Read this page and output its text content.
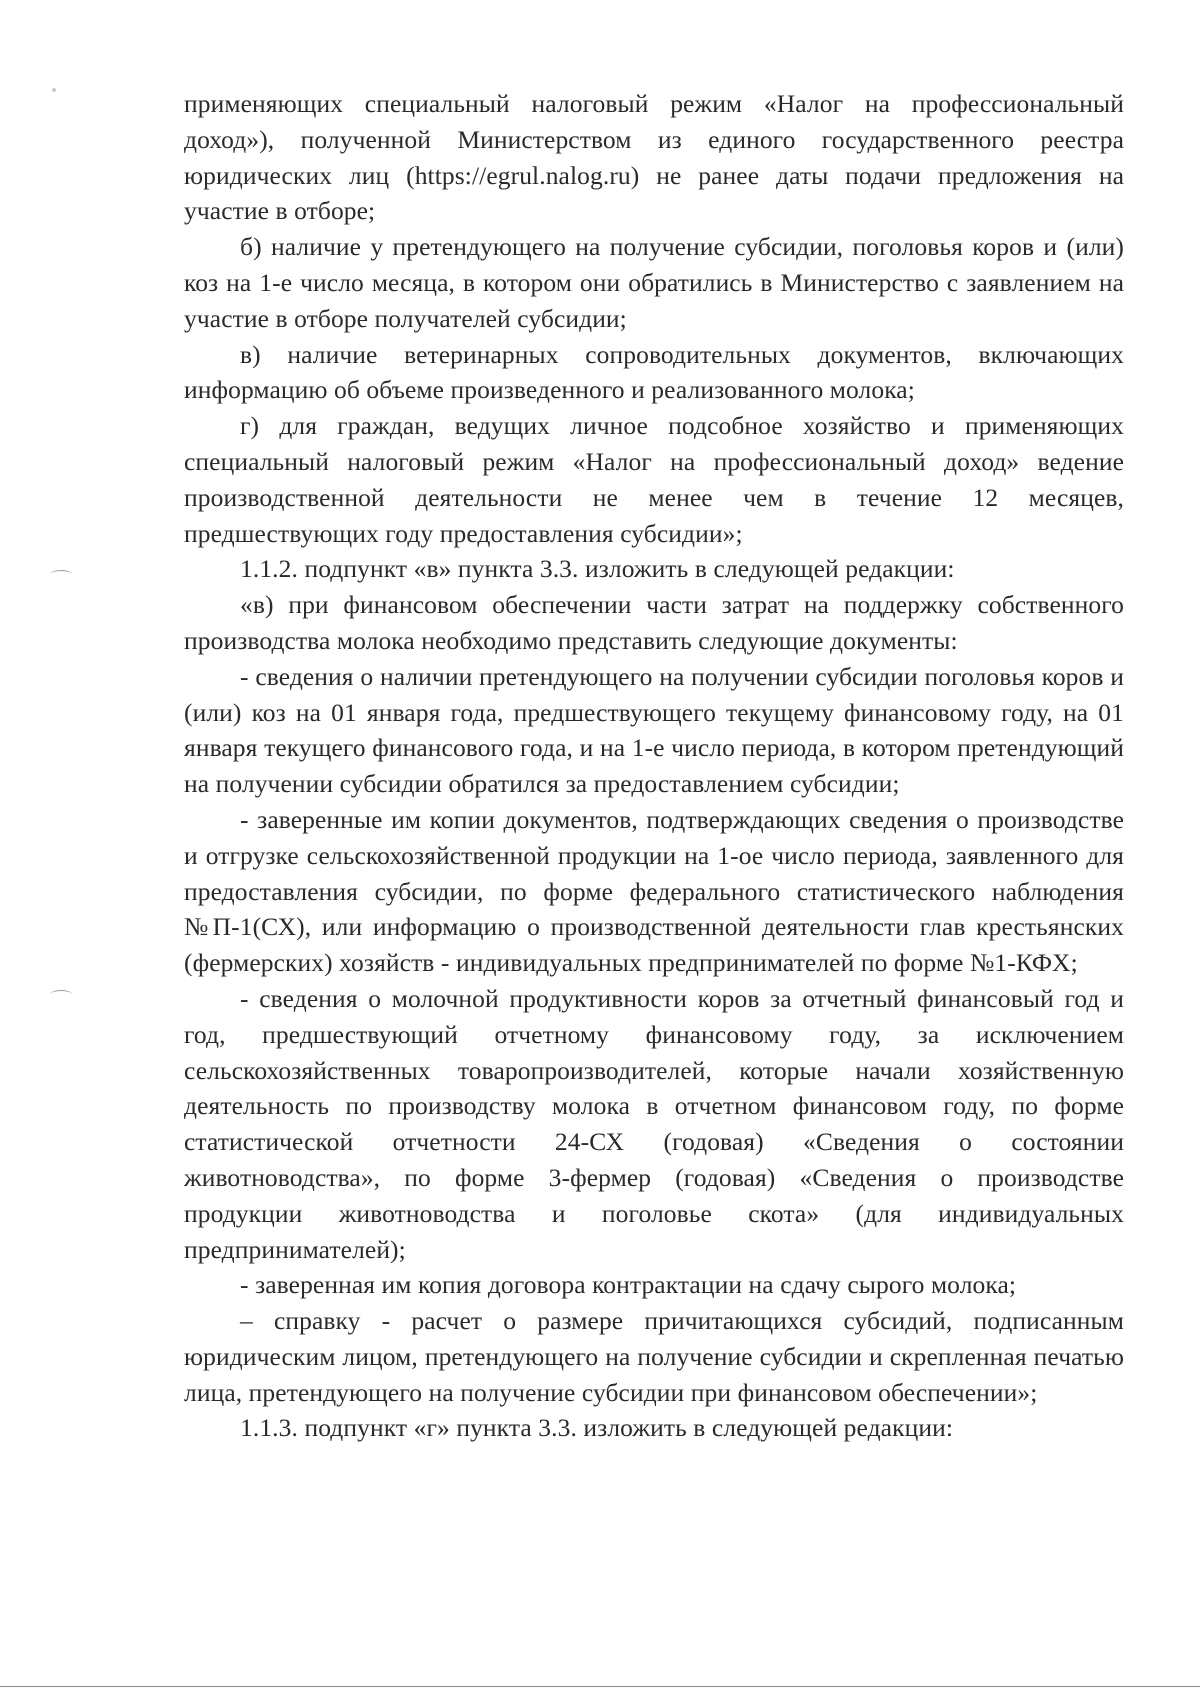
применяющих специальный налоговый режим «Налог на профессиональный доход»), полученной Министерством из единого государственного реестра юридических лиц (https://egrul.nalog.ru) не ранее даты подачи предложения на участие в отборе;

б) наличие у претендующего на получение субсидии, поголовья коров и (или) коз на 1-е число месяца, в котором они обратились в Министерство с заявлением на участие в отборе получателей субсидии;

в) наличие ветеринарных сопроводительных документов, включающих информацию об объеме произведенного и реализованного молока;

г) для граждан, ведущих личное подсобное хозяйство и применяющих специальный налоговый режим «Налог на профессиональный доход» ведение производственной деятельности не менее чем в течение 12 месяцев, предшествующих году предоставления субсидии»;

1.1.2. подпункт «в» пункта 3.3. изложить в следующей редакции:

«в) при финансовом обеспечении части затрат на поддержку собственного производства молока необходимо представить следующие документы:

- сведения о наличии претендующего на получении субсидии поголовья коров и (или) коз на 01 января года, предшествующего текущему финансовому году, на 01 января текущего финансового года, и на 1-е число периода, в котором претендующий на получении субсидии обратился за предоставлением субсидии;

- заверенные им копии документов, подтверждающих сведения о производстве и отгрузке сельскохозяйственной продукции на 1-ое число периода, заявленного для предоставления субсидии, по форме федерального статистического наблюдения №П-1(СХ), или информацию о производственной деятельности глав крестьянских (фермерских) хозяйств - индивидуальных предпринимателей по форме №1-КФХ;

- сведения о молочной продуктивности коров за отчетный финансовый год и год, предшествующий отчетному финансовому году, за исключением сельскохозяйственных товаропроизводителей, которые начали хозяйственную деятельность по производству молока в отчетном финансовом году, по форме статистической отчетности 24-СХ (годовая) «Сведения о состоянии животноводства», по форме 3-фермер (годовая) «Сведения о производстве продукции животноводства и поголовье скота» (для индивидуальных предпринимателей);

- заверенная им копия договора контрактации на сдачу сырого молока;

– справку - расчет о размере причитающихся субсидий, подписанным юридическим лицом, претендующего на получение субсидии и скрепленная печатью лица, претендующего на получение субсидии при финансовом обеспечении»;

1.1.3. подпункт «г» пункта 3.3. изложить в следующей редакции:
